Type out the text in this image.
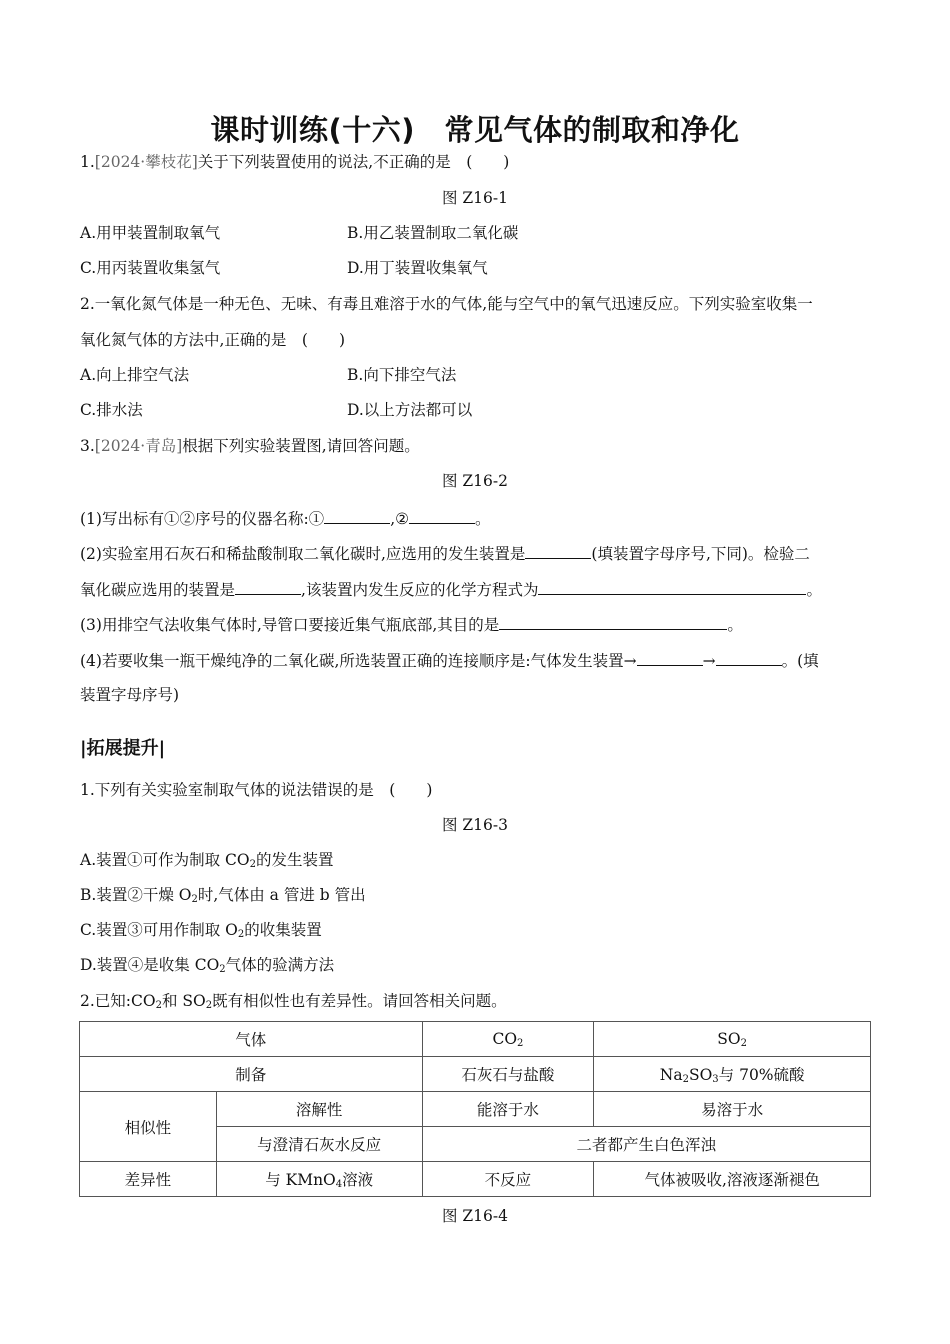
课时训练(十六)　常见气体的制取和净化
1.[2024·攀枝花]关于下列装置使用的说法,不正确的是　(　　)
图 Z16-1
A.用甲装置制取氧气	B.用乙装置制取二氧化碳
C.用丙装置收集氢气	D.用丁装置收集氧气
2.一氧化氮气体是一种无色、无味、有毒且难溶于水的气体,能与空气中的氧气迅速反应。下列实验室收集一
氧化氮气体的方法中,正确的是　(　　)
A.向上排空气法	B.向下排空气法
C.排水法	D.以上方法都可以
3.[2024·青岛]根据下列实验装置图,请回答问题。
图 Z16-2
(1)写出标有①②序号的仪器名称:①	,②	。
(2)实验室用石灰石和稀盐酸制取二氧化碳时,应选用的发生装置是	(填装置字母序号,下同)。检验二
氧化碳应选用的装置是	,该装置内发生反应的化学方程式为	。
(3)用排空气法收集气体时,导管口要接近集气瓶底部,其目的是	。
(4)若要收集一瓶干燥纯净的二氧化碳,所选装置正确的连接顺序是:气体发生装置→	→	。(填
装置字母序号)
|拓展提升|
1.下列有关实验室制取气体的说法错误的是　(　　)
图 Z16-3
A.装置①可作为制取 $CO_2$的发生装置
B.装置②干燥 $O_2$时,气体由 a 管进 b 管出
C.装置③可用作制取 $O_2$的收集装置
D.装置④是收集 $CO_2$气体的验满方法
2.已知$:CO_2$和 $SO_2$既有相似性也有差异性。请回答相关问题。
气体		$CO_2$	$SO_2$
制备		石灰石与盐酸	$Na_2SO_3$与 70%硫酸
相似性	溶解性	能溶于水	易溶于水
	与澄清石灰水反应	二者都产生白色浑浊	
差异性	与 KMnO$_4$溶液	不反应	气体被吸收,溶液逐渐褪色
图 Z16-4
